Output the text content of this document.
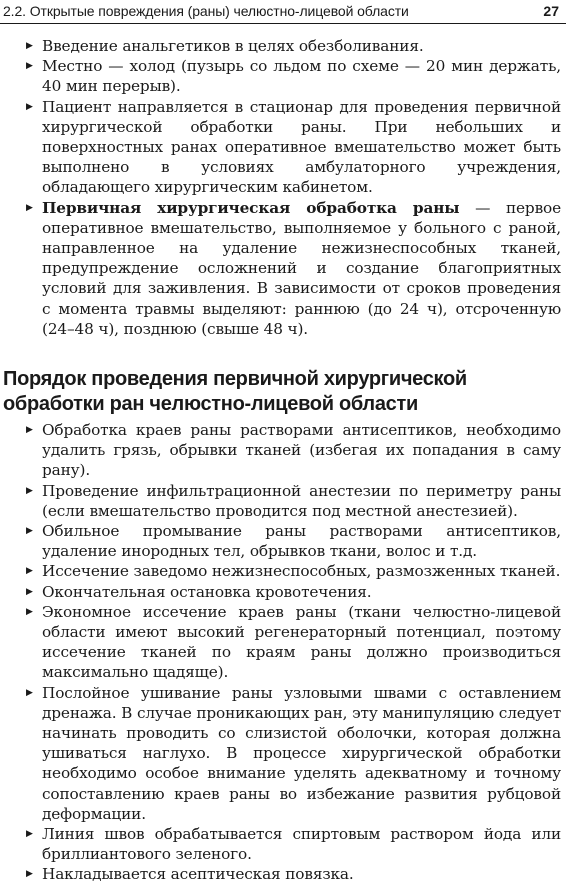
2.2. Открытые повреждения (раны) челюстно-лицевой области	27
▶ Введение анальгетиков в целях обезболивания.
▶ Местно — холод (пузырь со льдом по схеме — 20 мин держать, 40 мин перерыв).
▶ Пациент направляется в стационар для проведения первичной хирургической обработки раны. При небольших и поверхностных ранах оперативное вмешательство может быть выполнено в условиях амбулаторного учреждения, обладающего хирургическим кабинетом.
▶ Первичная хирургическая обработка раны — первое оперативное вмешательство, выполняемое у больного с раной, направленное на удаление нежизнеспособных тканей, предупреждение осложнений и создание благоприятных условий для заживления. В зависимости от сроков проведения с момента травмы выделяют: раннюю (до 24 ч), отсроченную (24–48 ч), позднюю (свыше 48 ч).
Порядок проведения первичной хирургической обработки ран челюстно-лицевой области
▶ Обработка краев раны растворами антисептиков, необходимо удалить грязь, обрывки тканей (избегая их попадания в саму рану).
▶ Проведение инфильтрационной анестезии по периметру раны (если вмешательство проводится под местной анестезией).
▶ Обильное промывание раны растворами антисептиков, удаление инородных тел, обрывков ткани, волос и т.д.
▶ Иссечение заведомо нежизнеспособных, размозженных тканей.
▶ Окончательная остановка кровотечения.
▶ Экономное иссечение краев раны (ткани челюстно-лицевой области имеют высокий регенераторный потенциал, поэтому иссечение тканей по краям раны должно производиться максимально щадяще).
▶ Послойное ушивание раны узловыми швами с оставлением дренажа. В случае проникающих ран, эту манипуляцию следует начинать проводить со слизистой оболочки, которая должна ушиваться наглухо. В процессе хирургической обработки необходимо особое внимание уделять адекватному и точному сопоставлению краев раны во избежание развития рубцовой деформации.
▶ Линия швов обрабатывается спиртовым раствором йода или бриллиантового зеленого.
▶ Накладывается асептическая повязка.
